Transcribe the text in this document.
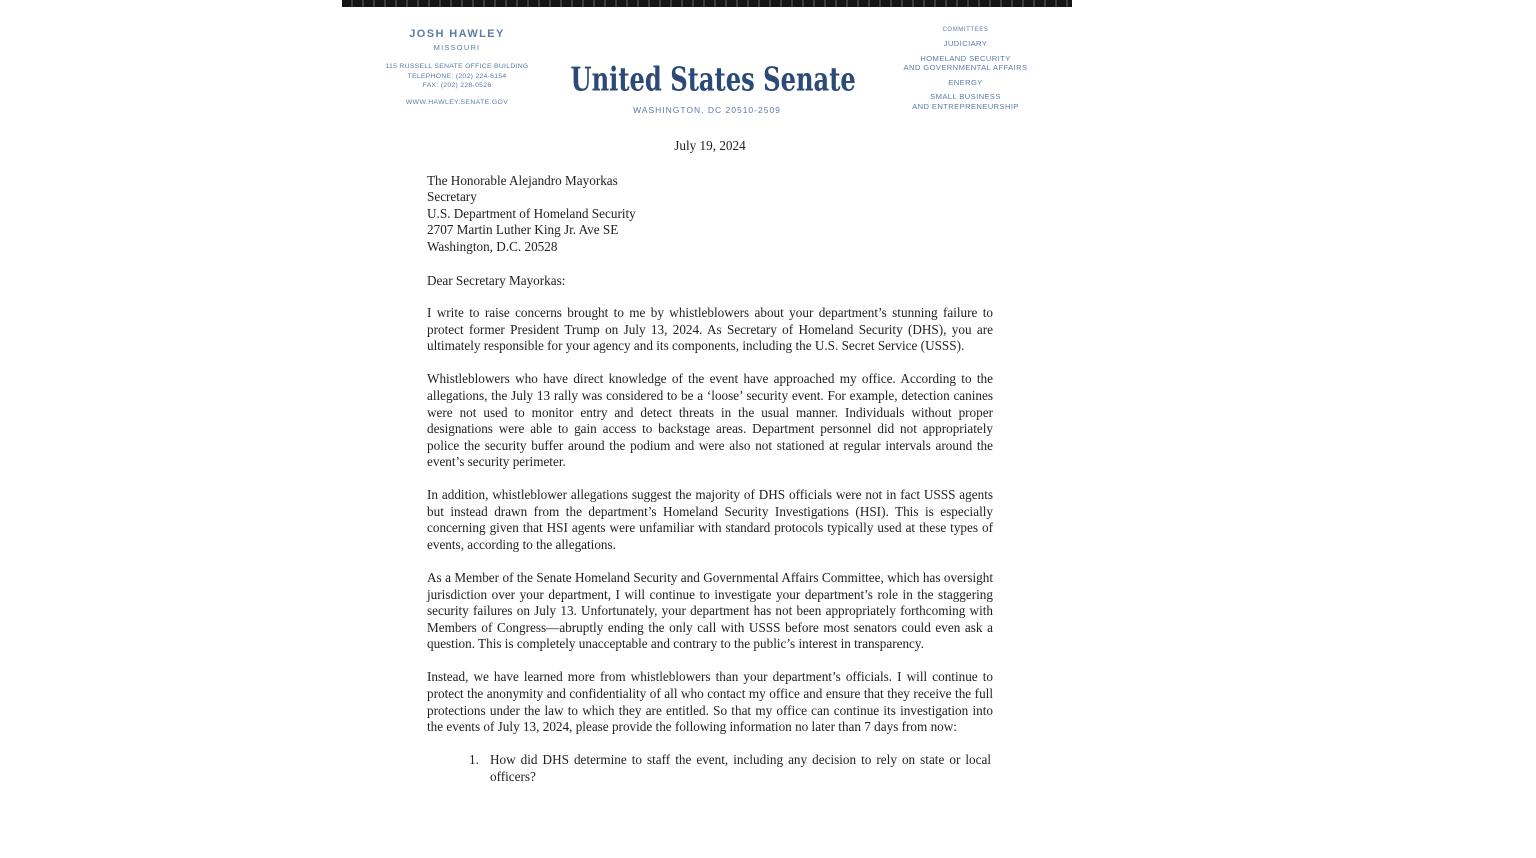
JOSH HAWLEY
MISSOURI
115 RUSSELL SENATE OFFICE BUILDING
TELEPHONE: (202) 224-6154
FAX: (202) 228-0526
WWW.HAWLEY.SENATE.GOV
United States Senate
WASHINGTON, DC 20510-2509
COMMITTEES
JUDICIARY
HOMELAND SECURITY
AND GOVERNMENTAL AFFAIRS
ENERGY
SMALL BUSINESS
AND ENTREPRENEURSHIP
July 19, 2024
The Honorable Alejandro Mayorkas
Secretary
U.S. Department of Homeland Security
2707 Martin Luther King Jr. Ave SE
Washington, D.C. 20528
Dear Secretary Mayorkas:

I write to raise concerns brought to me by whistleblowers about your department’s stunning failure to protect former President Trump on July 13, 2024. As Secretary of Homeland Security (DHS), you are ultimately responsible for your agency and its components, including the U.S. Secret Service (USSS).

Whistleblowers who have direct knowledge of the event have approached my office. According to the allegations, the July 13 rally was considered to be a ‘loose’ security event. For example, detection canines were not used to monitor entry and detect threats in the usual manner. Individuals without proper designations were able to gain access to backstage areas. Department personnel did not appropriately police the security buffer around the podium and were also not stationed at regular intervals around the event’s security perimeter.

In addition, whistleblower allegations suggest the majority of DHS officials were not in fact USSS agents but instead drawn from the department’s Homeland Security Investigations (HSI). This is especially concerning given that HSI agents were unfamiliar with standard protocols typically used at these types of events, according to the allegations.

As a Member of the Senate Homeland Security and Governmental Affairs Committee, which has oversight jurisdiction over your department, I will continue to investigate your department’s role in the staggering security failures on July 13. Unfortunately, your department has not been appropriately forthcoming with Members of Congress—abruptly ending the only call with USSS before most senators could even ask a question. This is completely unacceptable and contrary to the public’s interest in transparency.

Instead, we have learned more from whistleblowers than your department’s officials. I will continue to protect the anonymity and confidentiality of all who contact my office and ensure that they receive the full protections under the law to which they are entitled. So that my office can continue its investigation into the events of July 13, 2024, please provide the following information no later than 7 days from now:

1. How did DHS determine to staff the event, including any decision to rely on state or local officers?
